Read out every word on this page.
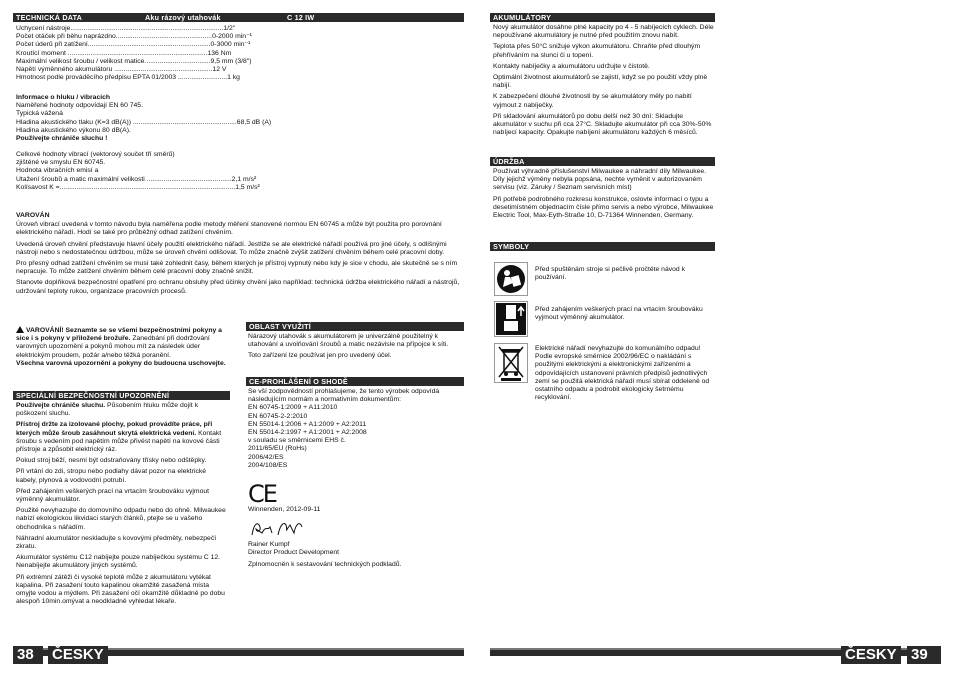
TECHNICKÁ DATA	Aku rázový utahovák	C 12 IW
Uchycení nástroje.................................................................................1/2"
Počet otáček při běhu naprázdno...................................................0-2000 min⁻¹
Počet úderů při zatížení.................................................................0-3000 min⁻¹
Kroutící moment ..........................................................................136 Nm
Maximální velikost šroubu / velikost matice...................................9,5 mm (3/8")
Napětí výměnného akumulátoru ....................................................12 V
Hmotnost podle prováděcího předpisu EPTA 01/2003 ..........................1 kg
Informace o hluku / vibracích
Naměřené hodnoty odpovídají EN 60 745.
Typická vážená
Hladina akustického tlaku (K=3 dB(A)) .......................................................68,5 dB (A)
Hladina akustického výkonu 80 dB(A).
Používejte chrániče sluchu !
Celkové hodnoty vibrací (vektorový součet tří směrů)
zjištěné ve smyslu EN 60745.
Hodnota vibračních emisí a
Utažení šroubů a matic maximální velikosti .............................................2,1 m/s²
Kolísavost K =.............................................................................................1,5 m/s²

VAROVÁN

Úroveň vibrací uvedená v tomto návodu byla naměřena podle metody měření stanovené normou EN 60745 a může být použita pro porovnání elektrického nářadí. Hodí se také pro průběžný odhad zatížení chvěním.

Uvedená úroveň chvění představuje hlavní účely použití elektrického nářadí. Jestliže se ale elektrické nářadí používá pro jiné účely, s odlišnými nástroji nebo s nedostatečnou údržbou, může se úroveň chvění odlišovat. To může značně zvýšit zatížení chvěním během celé pracovní doby.

Pro přesný odhad zatížení chvěním se musí také zohlednit časy, během kterých je přístroj vypnutý nebo kdy je sice v chodu, ale skutečně se s ním nepracuje. To může zatížení chvěním během celé pracovní doby značně snížit.

Stanovte doplňková bezpečnostní opatření pro ochranu obsluhy před účinky chvění jako například: technická údržba elektrického nářadí a nástrojů, udržování teploty rukou, organizace pracovních procesů.

VAROVÁNÍ! Seznamte se se všemi bezpečnostními pokyny a sice i s pokyny v přiložené brožuře. Zanedbání při dodržování varovných upozornění a pokynů mohou mít za následek úder elektrickým proudem, požár a/nebo těžká poranění.
Všechna varovná upozornění a pokyny do budoucna uschovejte.

SPECIÁLNÍ BEZPEČNOSTNÍ UPOZORNĚNÍ

Používejte chrániče sluchu. Působením hluku může dojít k poškození sluchu.

Přístroj držte za izolované plochy, pokud provádíte práce, při kterých může šroub zasáhnout skrytá elektrická vedení. Kontakt šroubu s vedením pod napětím může přivést napětí na kovové části přístroje a způsobit elektrický ráz.

Pokud stroj běží, nesmí být odstraňovány třísky nebo odštěpky.

Při vrtání do zdi, stropu nebo podlahy dávat pozor na elektrické kabely, plynová a vodovodní potrubí.

Před zahájením veškerých prací na vrtacím šroubováku vyjmout výměnný akumulátor.

Použité nevyhazujte do domovního odpadu nebo do ohně. Milwaukee nabízí ekologickou likvidaci starých článků, ptejte se u vašeho obchodníka s nářadím.

Náhradní akumulátor neskladujte s kovovými předměty, nebezpečí zkratu.

Akumulátor systému C12 nabíjejte pouze nabíječkou systému C 12. Nenabíjejte akumulátory jiných systémů.

Při extrémní zátěži či vysoké teplotě může z akumulátoru vytékat kapalina. Při zasažení touto kapalinou okamžitě zasažená místa omyjte vodou a mýdlem. Při zasažení očí okamžitě důkladně po dobu alespoň 10min.omývat a neodkladně vyhledat lékaře.

OBLAST VYUŽITÍ

Nárazový utahovák s akumulátorem je univerzálně použitelný k utahování a uvolňování šroubů a matic nezávisle na přípojce k síti.

Toto zařízení lze používat jen pro uvedený účel.

CE-PROHLÁŠENÍ O SHODĚ
Se vší zodpovědností prohlašujeme, že tento výrobek odpovídá následujícím normám a normativním dokumentům:
EN 60745-1:2009 + A11:2010
EN 60745-2-2:2010
EN 55014-1:2006 + A1:2009 + A2:2011
EN 55014-2:1997 + A1:2001 + A2:2008
v souladu se směrnicemi EHS č.
2011/65/EU (RoHs)
2006/42/ES
2004/108/ES
CE
Winnenden, 2012-09-11
Rainer Kumpf
Director Product Development
Zplnomocněn k sestavování technických podkladů.
38	ČESKY
AKUMULÁTORY

Nový akumulátor dosáhne plné kapacity po 4 - 5 nabíjecích cyklech. Déle nepoužívané akumulátory je nutné před použitím znovu nabít.

Teplota přes 50°C snižuje výkon akumulátoru. Chraňte před dlouhým přehříváním na slunci či u topení.

Kontakty nabíječky a akumulátoru udržujte v čistotě.

Optimální životnost akumulátorů se zajistí, když se po použití vždy plně nabijí.

K zabezpečení dlouhé životnosti by se akumulátory měly po nabití vyjmout z nabíječky.

Při skladování akumulátorů po dobu delší než 30 dní: Skladujte akumulátor v suchu při cca 27°C. Skladujte akumulátor při cca 30%-50% nabíjecí kapacity. Opakujte nabíjení akumulátoru každých 6 měsíců.

ÚDRŽBA

Používat výhradně příslušenství Milwaukee a náhradní díly Milwaukee. Díly jejichž výměny nebyla popsána, nechte vyměnit v autorizovaném servisu (viz. Záruky / Seznam servisních míst)

Při potřebě podrobného rozkresu konstrukce, oslovte informací o typu a desetimístném objednacím čísle přímo servis a nebo výrobce, Milwaukee Electric Tool, Max-Eyth-Straße 10, D-71364 Winnenden, Germany.

SYMBOLY
Před spuštěnám stroje si pečlivě pročtěte návod k používání.
Před zahájením veškerých prací na vrtacím šroubováku vyjmout výměnný akumulátor.
Elektrické nářadí nevyhazujte do komunálního odpadu! Podle evropské směrnice 2002/96/EC o nakládání s použitými elektrickými a elektronickými zařízeními a odpovídajících ustanovení právních předpisů jednotlivých zemí se použitá elektrická nářadí musí sbírat oddeleně od ostatního odpadu a podrobit ekologicky šetrnému recyklování.
ČESKY 39
